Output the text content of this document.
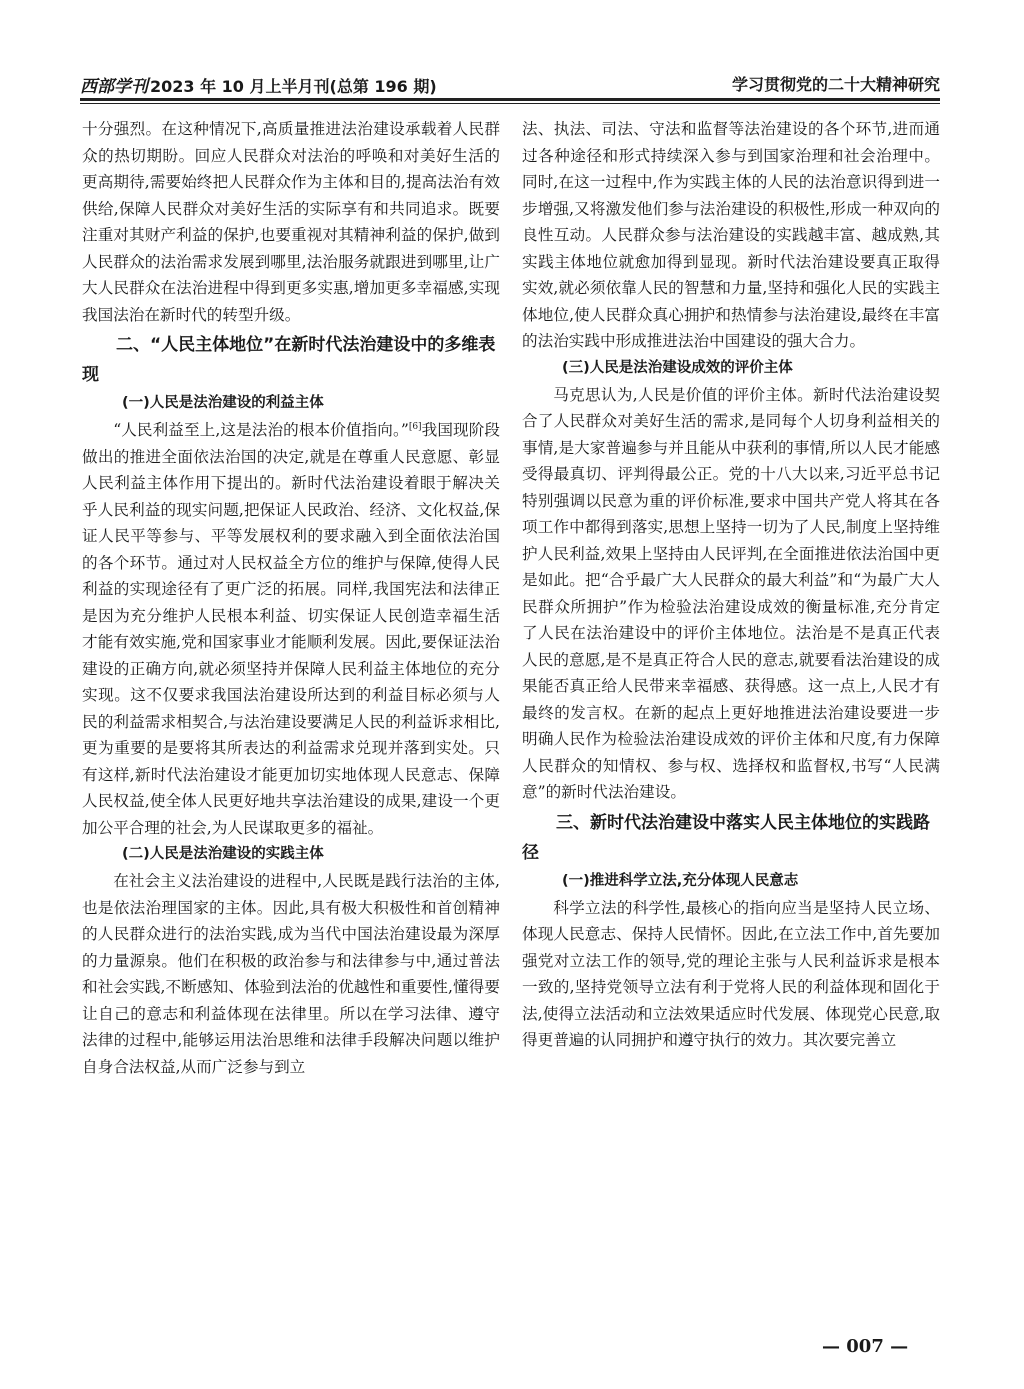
西部学刊 2023 年 10 月上半月刊(总第 196 期)	学习贯彻党的二十大精神研究

十分强烈。在这种情况下,高质量推进法治建设承载着人民群众的热切期盼。回应人民群众对法治的呼唤和对美好生活的更高期待,需要始终把人民群众作为主体和目的,提高法治有效供给,保障人民群众对美好生活的实际享有和共同追求。既要注重对其财产利益的保护,也要重视对其精神利益的保护,做到人民群众的法治需求发展到哪里,法治服务就跟进到哪里,让广大人民群众在法治进程中得到更多实惠,增加更多幸福感,实现我国法治在新时代的转型升级。

二、“人民主体地位”在新时代法治建设中的多维表现
(一)人民是法治建设的利益主体

“人民利益至上,这是法治的根本价值指向。”[6]我国现阶段做出的推进全面依法治国的决定,就是在尊重人民意愿、彰显人民利益主体作用下提出的。新时代法治建设着眼于解决关乎人民利益的现实问题,把保证人民政治、经济、文化权益,保证人民平等参与、平等发展权利的要求融入到全面依法治国的各个环节。通过对人民权益全方位的维护与保障,使得人民利益的实现途径有了更广泛的拓展。同样,我国宪法和法律正是因为充分维护人民根本利益、切实保证人民创造幸福生活才能有效实施,党和国家事业才能顺利发展。因此,要保证法治建设的正确方向,就必须坚持并保障人民利益主体地位的充分实现。这不仅要求我国法治建设所达到的利益目标必须与人民的利益需求相契合,与法治建设要满足人民的利益诉求相比,更为重要的是要将其所表达的利益需求兑现并落到实处。只有这样,新时代法治建设才能更加切实地体现人民意志、保障人民权益,使全体人民更好地共享法治建设的成果,建设一个更加公平合理的社会,为人民谋取更多的福祉。

(二)人民是法治建设的实践主体

在社会主义法治建设的进程中,人民既是践行法治的主体,也是依法治理国家的主体。因此,具有极大积极性和首创精神的人民群众进行的法治实践,成为当代中国法治建设最为深厚的力量源泉。他们在积极的政治参与和法律参与中,通过普法和社会实践,不断感知、体验到法治的优越性和重要性,懂得要让自己的意志和利益体现在法律里。所以在学习法律、遵守法律的过程中,能够运用法治思维和法律手段解决问题以维护自身合法权益,从而广泛参与到立

法、执法、司法、守法和监督等法治建设的各个环节,进而通过各种途径和形式持续深入参与到国家治理和社会治理中。同时,在这一过程中,作为实践主体的人民的法治意识得到进一步增强,又将激发他们参与法治建设的积极性,形成一种双向的良性互动。人民群众参与法治建设的实践越丰富、越成熟,其实践主体地位就愈加得到显现。新时代法治建设要真正取得实效,就必须依靠人民的智慧和力量,坚持和强化人民的实践主体地位,使人民群众真心拥护和热情参与法治建设,最终在丰富的法治实践中形成推进法治中国建设的强大合力。

(三)人民是法治建设成效的评价主体

马克思认为,人民是价值的评价主体。新时代法治建设契合了人民群众对美好生活的需求,是同每个人切身利益相关的事情,是大家普遍参与并且能从中获利的事情,所以人民才能感受得最真切、评判得最公正。党的十八大以来,习近平总书记特别强调以民意为重的评价标准,要求中国共产党人将其在各项工作中都得到落实,思想上坚持一切为了人民,制度上坚持维护人民利益,效果上坚持由人民评判,在全面推进依法治国中更是如此。把“合乎最广大人民群众的最大利益”和“为最广大人民群众所拥护”作为检验法治建设成效的衡量标准,充分肯定了人民在法治建设中的评价主体地位。法治是不是真正代表人民的意愿,是不是真正符合人民的意志,就要看法治建设的成果能否真正给人民带来幸福感、获得感。这一点上,人民才有最终的发言权。在新的起点上更好地推进法治建设要进一步明确人民作为检验法治建设成效的评价主体和尺度,有力保障人民群众的知情权、参与权、选择权和监督权,书写“人民满意”的新时代法治建设。

三、新时代法治建设中落实人民主体地位的实践路径
(一)推进科学立法,充分体现人民意志

科学立法的科学性,最核心的指向应当是坚持人民立场、体现人民意志、保持人民情怀。因此,在立法工作中,首先要加强党对立法工作的领导,党的理论主张与人民利益诉求是根本一致的,坚持党领导立法有利于党将人民的利益体现和固化于法,使得立法活动和立法效果适应时代发展、体现党心民意,取得更普遍的认同拥护和遵守执行的效力。其次要完善立

— 007 —
